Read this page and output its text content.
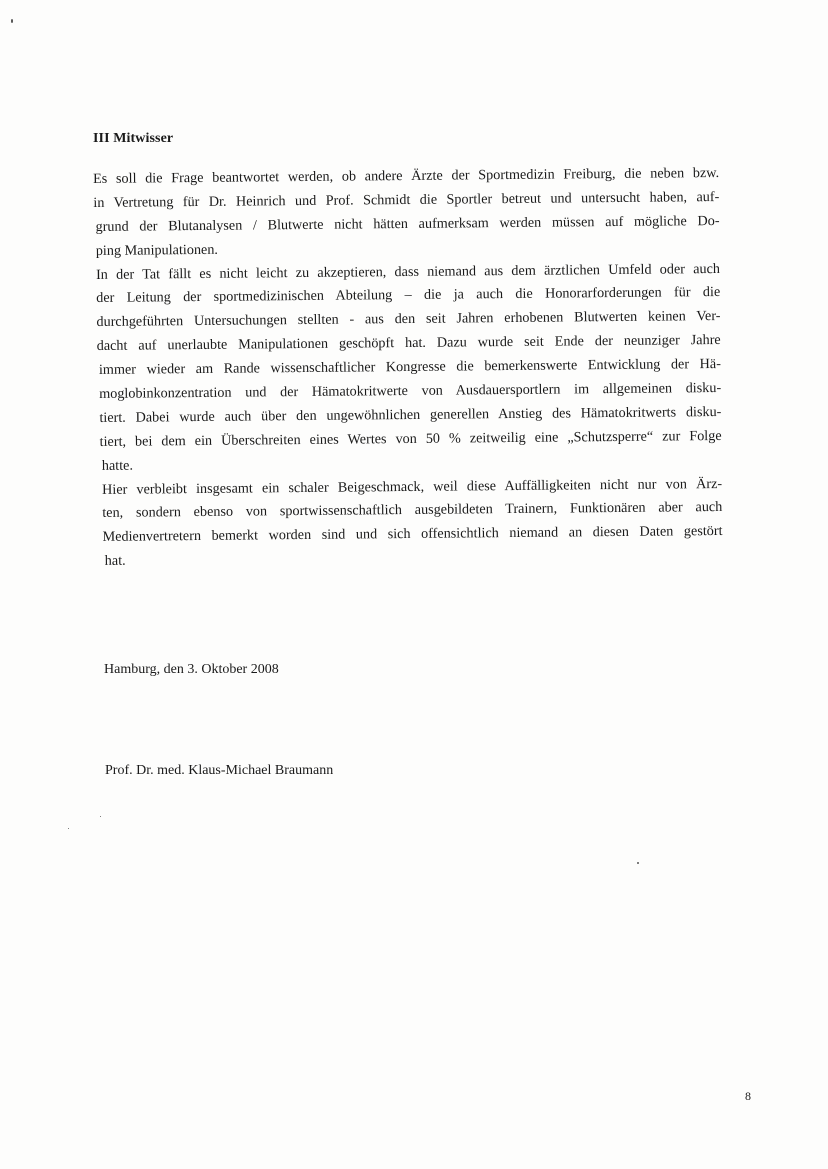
III Mitwisser
Es soll die Frage beantwortet werden, ob andere Ärzte der Sportmedizin Freiburg, die neben bzw.
in Vertretung für Dr. Heinrich und Prof. Schmidt die Sportler betreut und untersucht haben, auf-
grund der Blutanalysen / Blutwerte nicht hätten aufmerksam werden müssen auf mögliche Do-
ping Manipulationen.
In der Tat fällt es nicht leicht zu akzeptieren, dass niemand aus dem ärztlichen Umfeld oder auch
der Leitung der sportmedizinischen Abteilung – die ja auch die Honorarforderungen für die
durchgeführten Untersuchungen stellten - aus den seit Jahren erhobenen Blutwerten keinen Ver-
dacht auf unerlaubte Manipulationen geschöpft hat. Dazu wurde seit Ende der neunziger Jahre
immer wieder am Rande wissenschaftlicher Kongresse die bemerkenswerte Entwicklung der Hä-
moglobinkonzentration und der Hämatokritwerte von Ausdauersportlern im allgemeinen disku-
tiert. Dabei wurde auch über den ungewöhnlichen generellen Anstieg des Hämatokritwerts disku-
tiert, bei dem ein Überschreiten eines Wertes von 50 % zeitweilig eine „Schutzsperre“ zur Folge
hatte.
Hier verbleibt insgesamt ein schaler Beigeschmack, weil diese Auffälligkeiten nicht nur von Ärz-
ten, sondern ebenso von sportwissenschaftlich ausgebildeten Trainern, Funktionären aber auch
Medienvertretern bemerkt worden sind und sich offensichtlich niemand an diesen Daten gestört
hat.
Hamburg, den 3. Oktober 2008
Prof. Dr. med. Klaus-Michael Braumann
8
